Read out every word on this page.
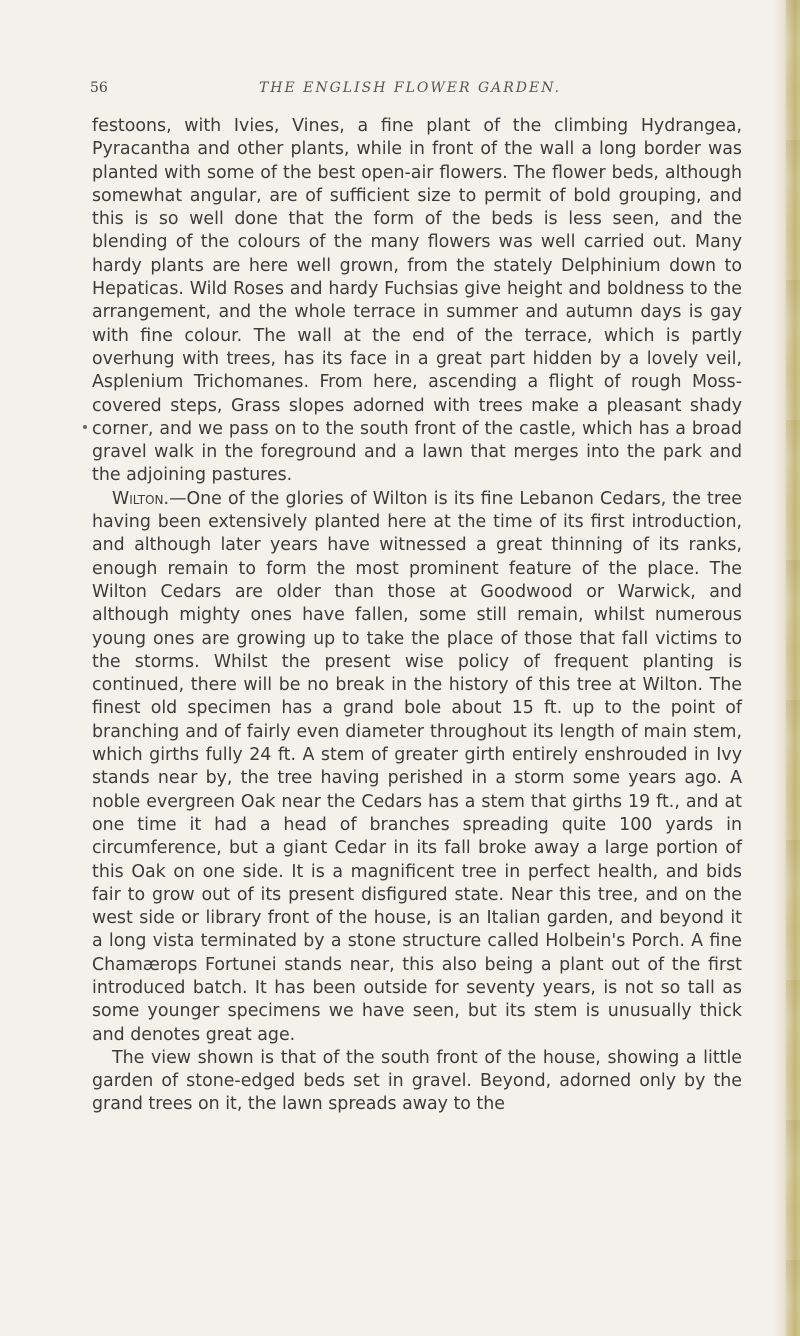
56	THE ENGLISH FLOWER GARDEN.

festoons, with Ivies, Vines, a fine plant of the climbing Hydrangea, Pyracantha and other plants, while in front of the wall a long border was planted with some of the best open-air flowers. The flower beds, although somewhat angular, are of sufficient size to permit of bold grouping, and this is so well done that the form of the beds is less seen, and the blending of the colours of the many flowers was well carried out. Many hardy plants are here well grown, from the stately Delphinium down to Hepaticas. Wild Roses and hardy Fuchsias give height and boldness to the arrangement, and the whole terrace in summer and autumn days is gay with fine colour. The wall at the end of the terrace, which is partly overhung with trees, has its face in a great part hidden by a lovely veil, Asplenium Trichomanes. From here, ascending a flight of rough Moss-covered steps, Grass slopes adorned with trees make a pleasant shady corner, and we pass on to the south front of the castle, which has a broad gravel walk in the foreground and a lawn that merges into the park and the adjoining pastures.

Wilton.—One of the glories of Wilton is its fine Lebanon Cedars, the tree having been extensively planted here at the time of its first introduction, and although later years have witnessed a great thinning of its ranks, enough remain to form the most prominent feature of the place. The Wilton Cedars are older than those at Goodwood or Warwick, and although mighty ones have fallen, some still remain, whilst numerous young ones are growing up to take the place of those that fall victims to the storms. Whilst the present wise policy of frequent planting is continued, there will be no break in the history of this tree at Wilton. The finest old specimen has a grand bole about 15 ft. up to the point of branching and of fairly even diameter throughout its length of main stem, which girths fully 24 ft. A stem of greater girth entirely enshrouded in Ivy stands near by, the tree having perished in a storm some years ago. A noble evergreen Oak near the Cedars has a stem that girths 19 ft., and at one time it had a head of branches spreading quite 100 yards in circumference, but a giant Cedar in its fall broke away a large portion of this Oak on one side. It is a magnificent tree in perfect health, and bids fair to grow out of its present disfigured state. Near this tree, and on the west side or library front of the house, is an Italian garden, and beyond it a long vista terminated by a stone structure called Holbein's Porch. A fine Chamærops Fortunei stands near, this also being a plant out of the first introduced batch. It has been outside for seventy years, is not so tall as some younger specimens we have seen, but its stem is unusually thick and denotes great age.

The view shown is that of the south front of the house, showing a little garden of stone-edged beds set in gravel. Beyond, adorned only by the grand trees on it, the lawn spreads away to the
